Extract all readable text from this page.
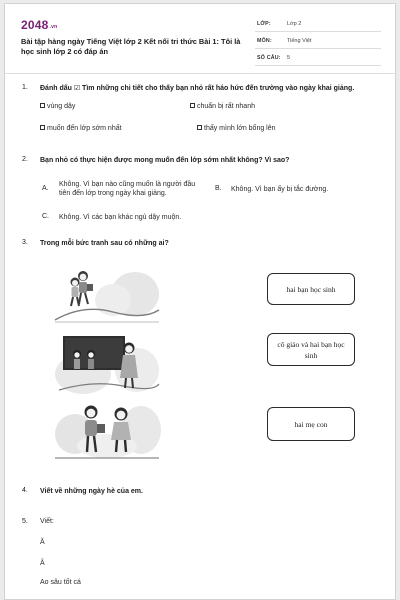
2048.vn
Bài tập hàng ngày Tiếng Việt lớp 2 Kết nối tri thức Bài 1: Tôi là học sinh lớp 2 có đáp án
LỚP:	Lớp 2
MÔN:	Tiếng Việt
SỐ CÂU: 5
1. Đánh dấu ☑ Tìm những chi tiết cho thấy bạn nhỏ rất háo hức đến trường vào ngày khai giảng.
vùng dậy	chuẩn bị rất nhanh
muốn đến lớp sớm nhất	thấy mình lớn bổng lên
2. Bạn nhỏ có thực hiện được mong muốn đến lớp sớm nhất không? Vì sao?
A.
Không. Vì bạn nào cũng muốn là người đầu tiên đến lớp trong ngày khai giảng.
B. Không. Vì bạn ấy bị tắc đường.
C. Không. Vì các bạn khác ngủ dậy muộn.
3. Trong mỗi bức tranh sau có những ai?
hai bạn học sinh
cô giáo và hai bạn học sinh
hai mẹ con
4. Viết về những ngày hè của em.
5. Viết:
Ă
Â
Ao sâu tốt cá
